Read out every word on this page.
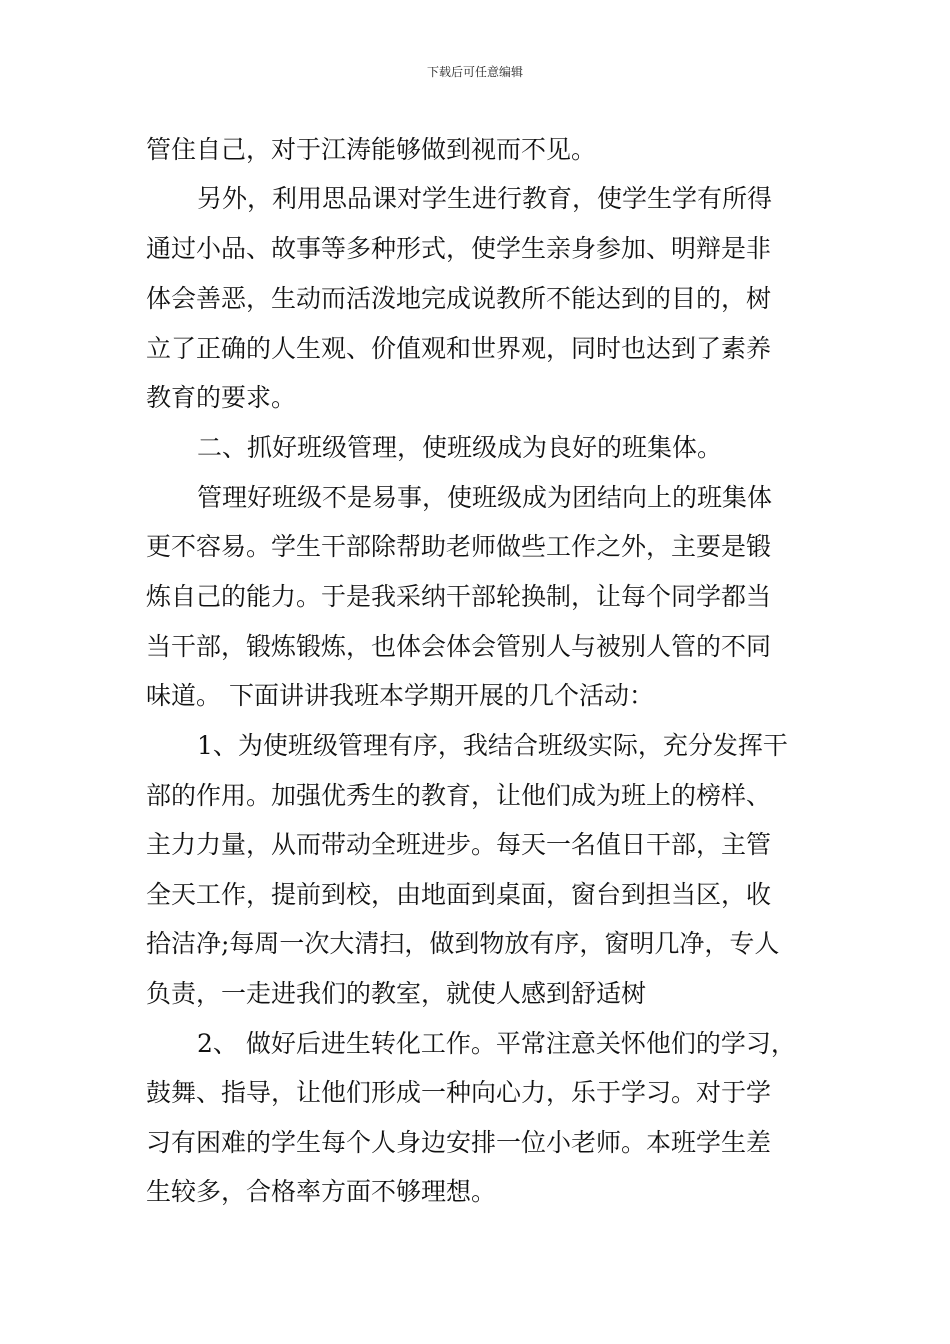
下载后可任意编辑
管住自己，对于江涛能够做到视而不见。
另外，利用思品课对学生进行教育，使学生学有所得
通过小品、故事等多种形式，使学生亲身参加、明辩是非
体会善恶，生动而活泼地完成说教所不能达到的目的，树
立了正确的人生观、价值观和世界观，同时也达到了素养
教育的要求。
二、抓好班级管理，使班级成为良好的班集体。
管理好班级不是易事，使班级成为团结向上的班集体
更不容易。学生干部除帮助老师做些工作之外，主要是锻
炼自己的能力。于是我采纳干部轮换制，让每个同学都当
当干部，锻炼锻炼，也体会体会管别人与被别人管的不同
味道。 下面讲讲我班本学期开展的几个活动：
1、为使班级管理有序，我结合班级实际，充分发挥干
部的作用。加强优秀生的教育，让他们成为班上的榜样、
主力力量，从而带动全班进步。每天一名值日干部，主管
全天工作，提前到校，由地面到桌面，窗台到担当区，收
拾洁净;每周一次大清扫，做到物放有序，窗明几净，专人
负责，一走进我们的教室，就使人感到舒适树
2、 做好后进生转化工作。平常注意关怀他们的学习，
鼓舞、指导，让他们形成一种向心力，乐于学习。对于学
习有困难的学生每个人身边安排一位小老师。本班学生差
生较多，合格率方面不够理想。
